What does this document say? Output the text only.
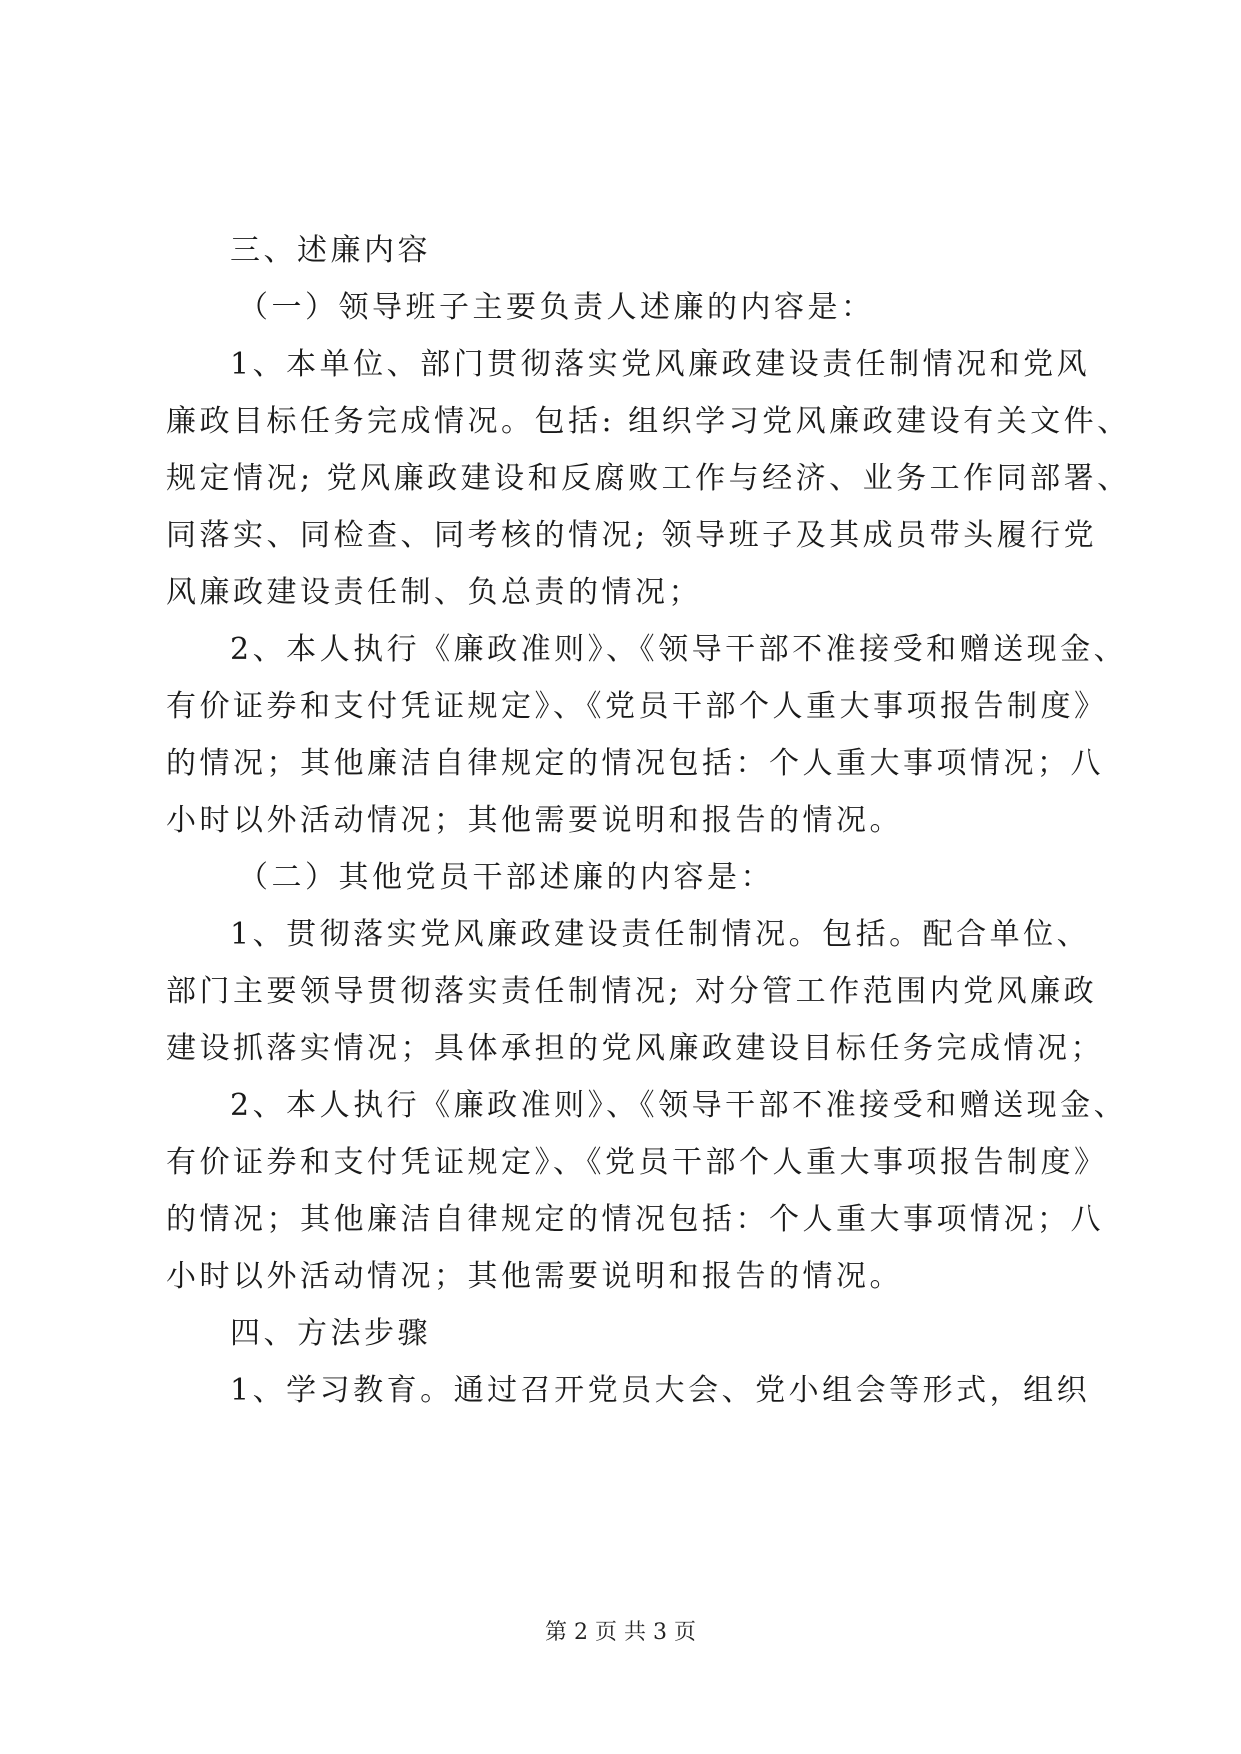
三、述廉内容
（一）领导班子主要负责人述廉的内容是：
1、本单位、部门贯彻落实党风廉政建设责任制情况和党风
廉政目标任务完成情况。包括: 组织学习党风廉政建设有关文件、
规定情况; 党风廉政建设和反腐败工作与经济、业务工作同部署、
同落实、同检查、同考核的情况; 领导班子及其成员带头履行党
风廉政建设责任制、负总责的情况；
2、本人执行《廉政准则》、《领导干部不准接受和赠送现金、
有价证券和支付凭证规定》、《党员干部个人重大事项报告制度》
的情况；其他廉洁自律规定的情况包括：个人重大事项情况；八
小时以外活动情况；其他需要说明和报告的情况。
（二）其他党员干部述廉的内容是：
1、贯彻落实党风廉政建设责任制情况。包括。配合单位、
部门主要领导贯彻落实责任制情况; 对分管工作范围内党风廉政
建设抓落实情况；具体承担的党风廉政建设目标任务完成情况；
2、本人执行《廉政准则》、《领导干部不准接受和赠送现金、
有价证券和支付凭证规定》、《党员干部个人重大事项报告制度》
的情况；其他廉洁自律规定的情况包括：个人重大事项情况；八
小时以外活动情况；其他需要说明和报告的情况。
四、方法步骤
1、学习教育。通过召开党员大会、党小组会等形式，组织
第 2 页 共 3 页
